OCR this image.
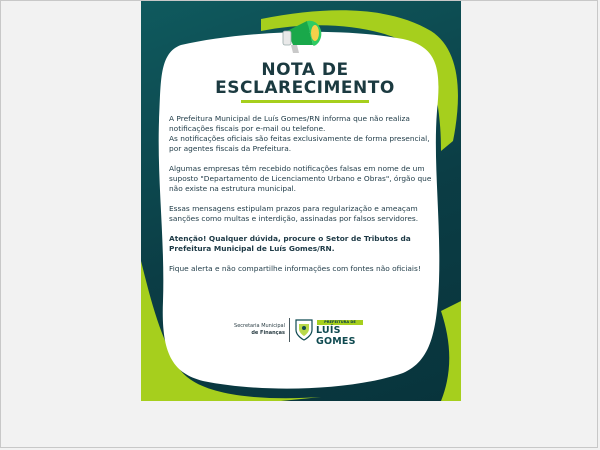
NOTA DE
ESCLARECIMENTO

A Prefeitura Municipal de Luís Gomes/RN informa que não realiza notificações fiscais por e-mail ou telefone.

As notificações oficiais são feitas exclusivamente de forma presencial, por agentes fiscais da Prefeitura.

Algumas empresas têm recebido notificações falsas em nome de um suposto "Departamento de Licenciamento Urbano e Obras", órgão que não existe na estrutura municipal.

Essas mensagens estipulam prazos para regularização e ameaçam sanções como multas e interdição, assinadas por falsos servidores.

Atenção! Qualquer dúvida, procure o Setor de Tributos da Prefeitura Municipal de Luís Gomes/RN.

Fique alerta e não compartilhe informações com fontes não oficiais!

Secretaria Municipal
de Finanças
PREFEITURA DE
LUÍS GOMES
